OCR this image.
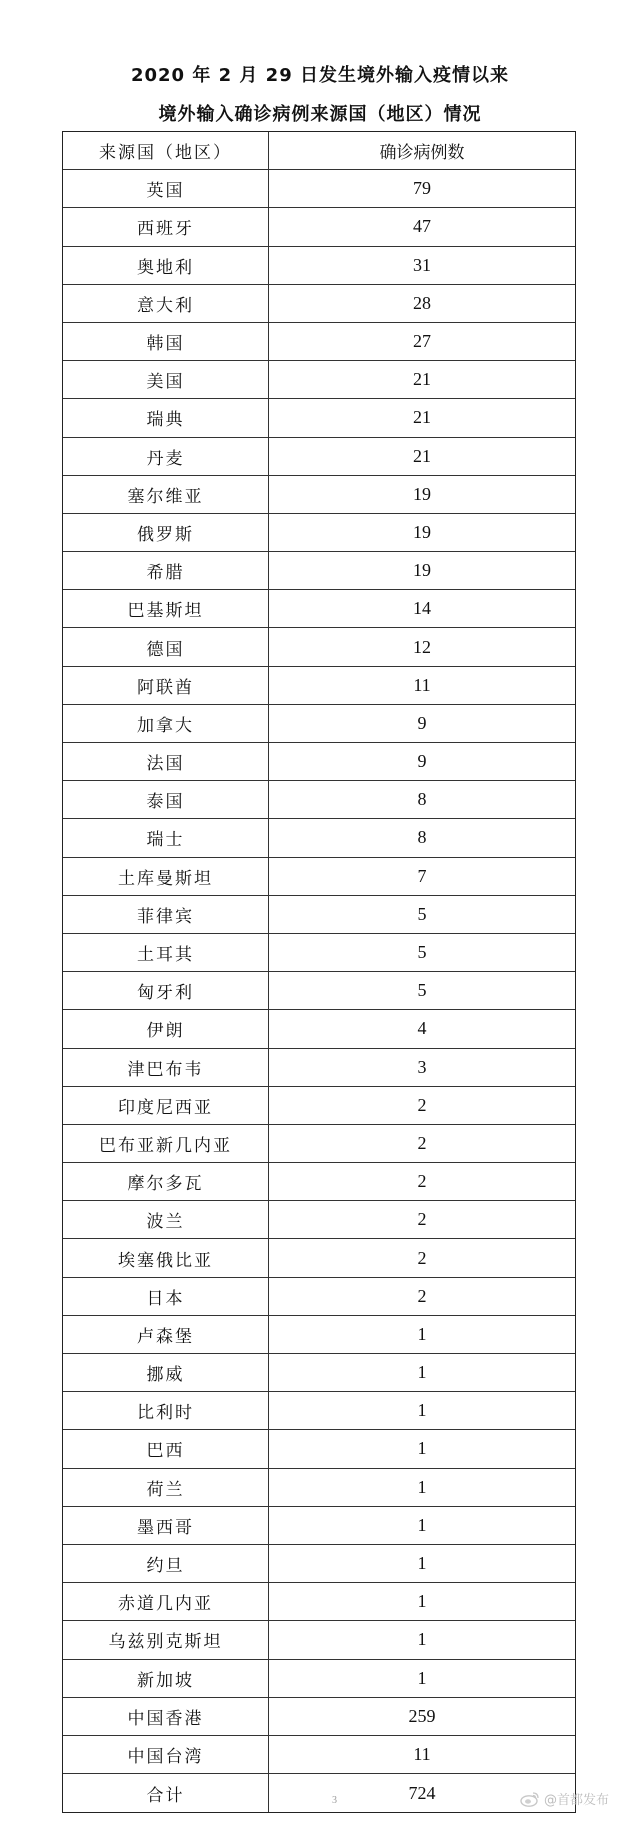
2020 年 2 月 29 日发生境外输入疫情以来
境外输入确诊病例来源国（地区）情况
来源国（地区）	确诊病例数
英国	79
西班牙	47
奥地利	31
意大利	28
韩国	27
美国	21
瑞典	21
丹麦	21
塞尔维亚	19
俄罗斯	19
希腊	19
巴基斯坦	14
德国	12
阿联酋	11
加拿大	9
法国	9
泰国	8
瑞士	8
土库曼斯坦	7
菲律宾	5
土耳其	5
匈牙利	5
伊朗	4
津巴布韦	3
印度尼西亚	2
巴布亚新几内亚	2
摩尔多瓦	2
波兰	2
埃塞俄比亚	2
日本	2
卢森堡	1
挪威	1
比利时	1
巴西	1
荷兰	1
墨西哥	1
约旦	1
赤道几内亚	1
乌兹别克斯坦	1
新加坡	1
中国香港	259
中国台湾	11
合计	724
3	@首都发布
